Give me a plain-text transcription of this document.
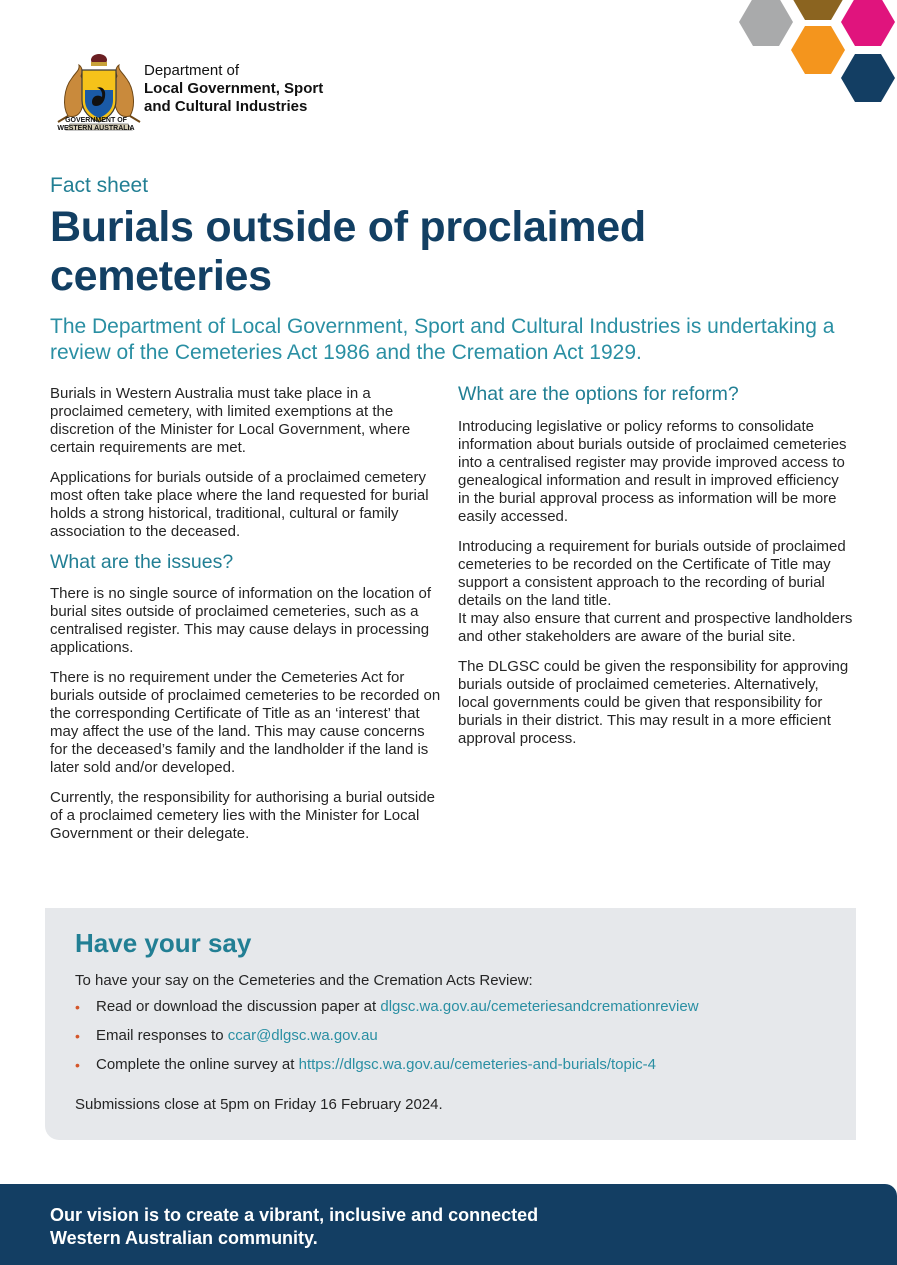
GOVERNMENT OF
WESTERN AUSTRALIA
Department of
Local Government, Sport
and Cultural Industries
Fact sheet
Burials outside of proclaimed cemeteries

The Department of Local Government, Sport and Cultural Industries is undertaking a review of the Cemeteries Act 1986 and the Cremation Act 1929.

Burials in Western Australia must take place in a proclaimed cemetery, with limited exemptions at the discretion of the Minister for Local Government, where certain requirements are met.

Applications for burials outside of a proclaimed cemetery most often take place where the land requested for burial holds a strong historical, traditional, cultural or family association to the deceased.

What are the issues?

There is no single source of information on the location of burial sites outside of proclaimed cemeteries, such as a centralised register. This may cause delays in processing applications.

There is no requirement under the Cemeteries Act for burials outside of proclaimed cemeteries to be recorded on the corresponding Certificate of Title as an ‘interest’ that may affect the use of the land. This may cause concerns for the deceased’s family and the landholder if the land is later sold and/or developed.

Currently, the responsibility for authorising a burial outside of a proclaimed cemetery lies with the Minister for Local Government or their delegate.

What are the options for reform?

Introducing legislative or policy reforms to consolidate information about burials outside of proclaimed cemeteries into a centralised register may provide improved access to genealogical information and result in improved efficiency in the burial approval process as information will be more easily accessed.

Introducing a requirement for burials outside of proclaimed cemeteries to be recorded on the Certificate of Title may support a consistent approach to the recording of burial details on the land title.
It may also ensure that current and prospective landholders and other stakeholders are aware of the burial site.

The DLGSC could be given the responsibility for approving burials outside of proclaimed cemeteries. Alternatively, local governments could be given that responsibility for burials in their district. This may result in a more efficient approval process.

Have your say
To have your say on the Cemeteries and the Cremation Acts Review:
• Read or download the discussion paper at dlgsc.wa.gov.au/cemeteriesandcremationreview
• Email responses to ccar@dlgsc.wa.gov.au
• Complete the online survey at https://dlgsc.wa.gov.au/cemeteries-and-burials/topic-4
Submissions close at 5pm on Friday 16 February 2024.

Our vision is to create a vibrant, inclusive and connected
Western Australian community.
